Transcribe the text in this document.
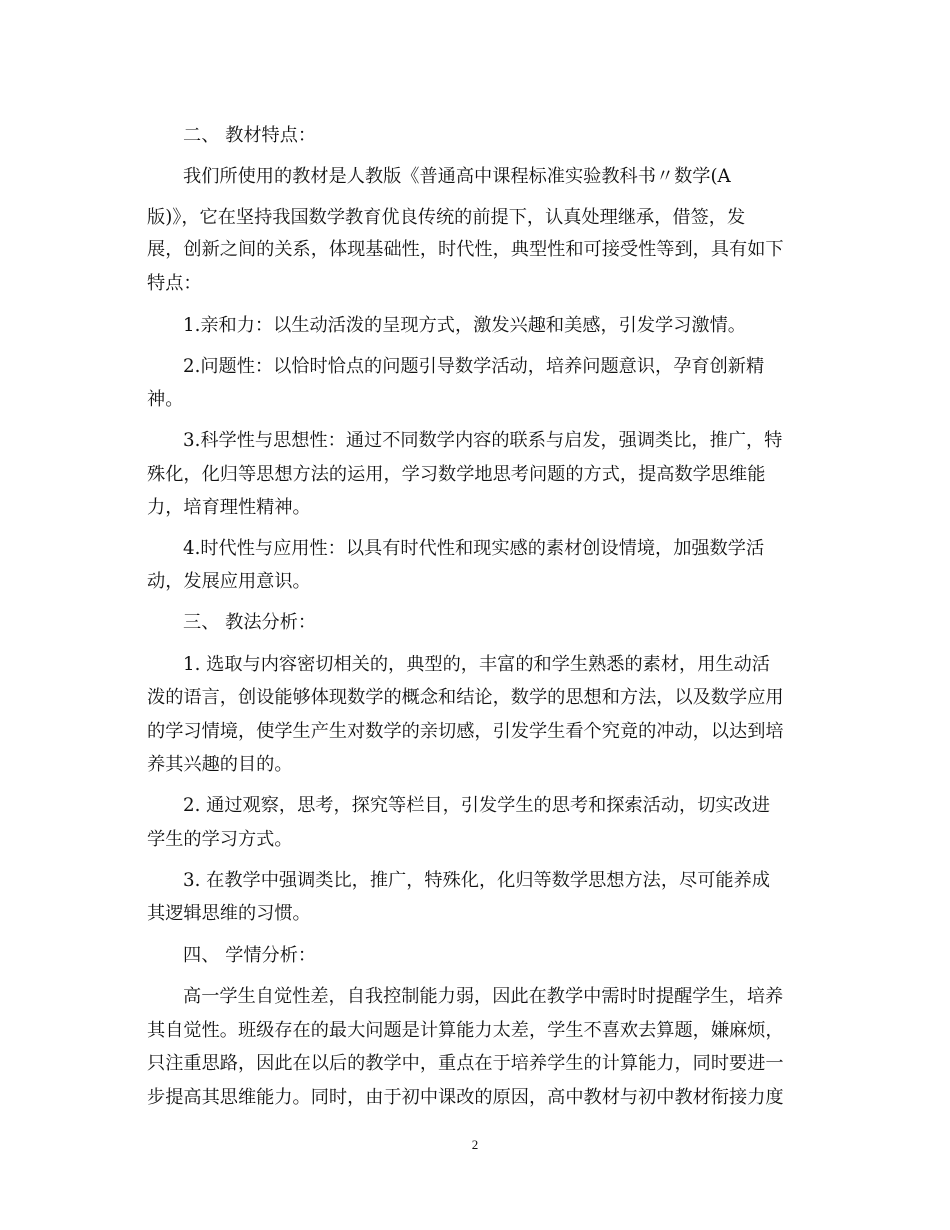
二、 教材特点：
我们所使用的教材是人教版《普通高中课程标准实验教科书〃数学(A
版)》，它在坚持我国数学教育优良传统的前提下，认真处理继承，借签，发
展，创新之间的关系，体现基础性，时代性，典型性和可接受性等到，具有如下
特点：
1.亲和力：以生动活泼的呈现方式，激发兴趣和美感，引发学习激情。
2.问题性：以恰时恰点的问题引导数学活动，培养问题意识，孕育创新精
神。
3.科学性与思想性：通过不同数学内容的联系与启发，强调类比，推广，特
殊化，化归等思想方法的运用，学习数学地思考问题的方式，提高数学思维能
力，培育理性精神。
4.时代性与应用性：以具有时代性和现实感的素材创设情境，加强数学活
动，发展应用意识。
三、 教法分析：
1. 选取与内容密切相关的，典型的，丰富的和学生熟悉的素材，用生动活
泼的语言，创设能够体现数学的概念和结论，数学的思想和方法，以及数学应用
的学习情境，使学生产生对数学的亲切感，引发学生看个究竟的冲动，以达到培
养其兴趣的目的。
2. 通过观察，思考，探究等栏目，引发学生的思考和探索活动，切实改进
学生的学习方式。
3. 在教学中强调类比，推广，特殊化，化归等数学思想方法，尽可能养成
其逻辑思维的习惯。
四、 学情分析：
高一学生自觉性差，自我控制能力弱，因此在教学中需时时提醒学生，培养
其自觉性。班级存在的最大问题是计算能力太差，学生不喜欢去算题，嫌麻烦，
只注重思路，因此在以后的教学中，重点在于培养学生的计算能力，同时要进一
步提高其思维能力。同时，由于初中课改的原因，高中教材与初中教材衔接力度
2
